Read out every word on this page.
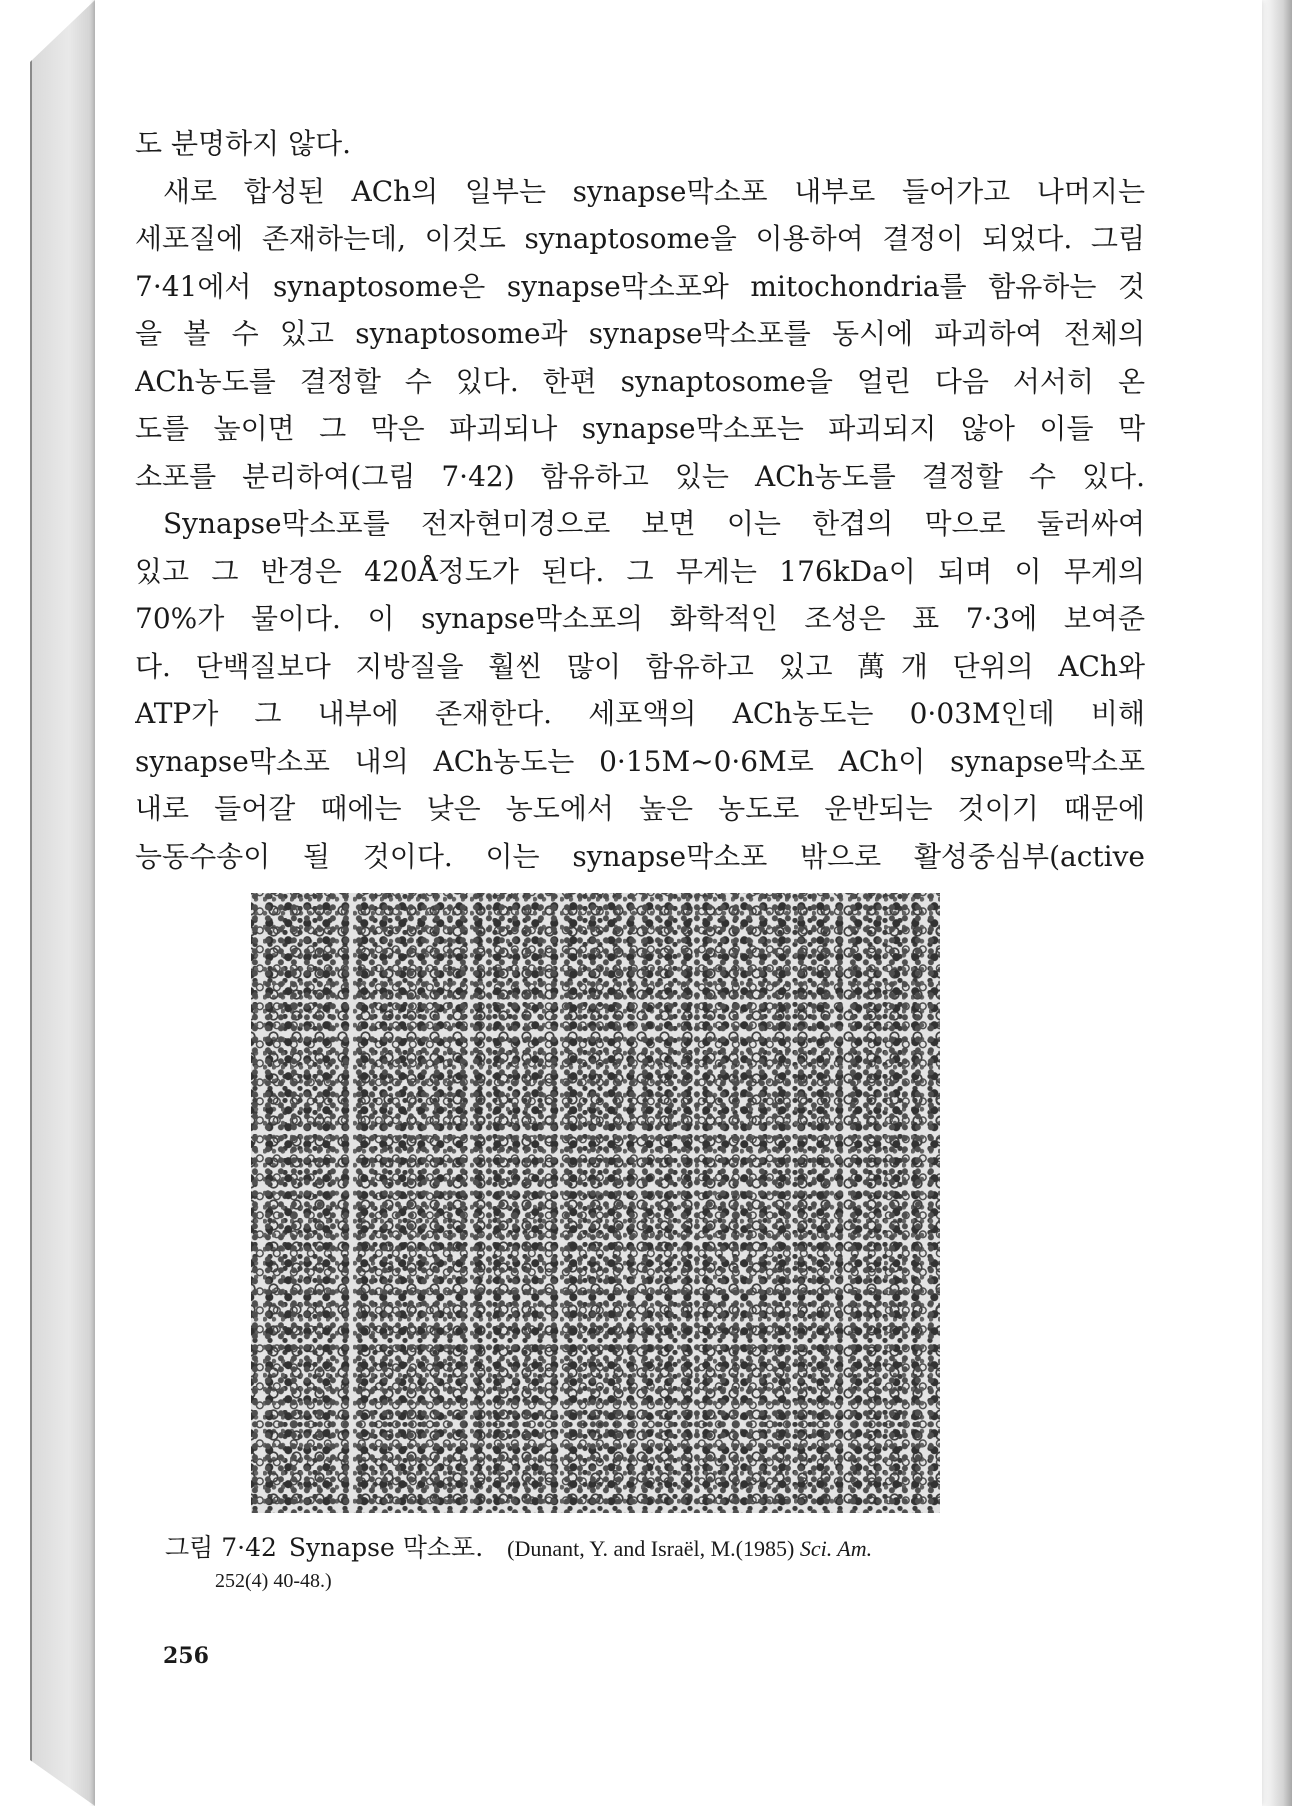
도 분명하지 않다.
새로 합성된 ACh의 일부는 synapse막소포 내부로 들어가고 나머지는
세포질에 존재하는데, 이것도 synaptosome을 이용하여 결정이 되었다. 그림
7·41에서 synaptosome은 synapse막소포와 mitochondria를 함유하는 것
을 볼 수 있고 synaptosome과 synapse막소포를 동시에 파괴하여 전체의
ACh농도를 결정할 수 있다. 한편 synaptosome을 얼린 다음 서서히 온
도를 높이면 그 막은 파괴되나 synapse막소포는 파괴되지 않아 이들 막
소포를 분리하여(그림 7·42) 함유하고 있는 ACh농도를 결정할 수 있다.
Synapse막소포를 전자현미경으로 보면 이는 한겹의 막으로 둘러싸여
있고 그 반경은 420Å정도가 된다. 그 무게는 176kDa이 되며 이 무게의
70%가 물이다. 이 synapse막소포의 화학적인 조성은 표 7·3에 보여준
다. 단백질보다 지방질을 훨씬 많이 함유하고 있고 萬개 단위의 ACh와
ATP가 그 내부에 존재한다. 세포액의 ACh농도는 0·03M인데 비해
synapse막소포 내의 ACh농도는 0·15M~0·6M로 ACh이 synapse막소포
내로 들어갈 때에는 낮은 농도에서 높은 농도로 운반되는 것이기 때문에
능동수송이 될 것이다. 이는 synapse막소포 밖으로 활성중심부(active
그림 7·42 Synapse 막소포. (Dunant, Y. and Israël, M.(1985) Sci. Am.
252(4) 40-48.)
256
